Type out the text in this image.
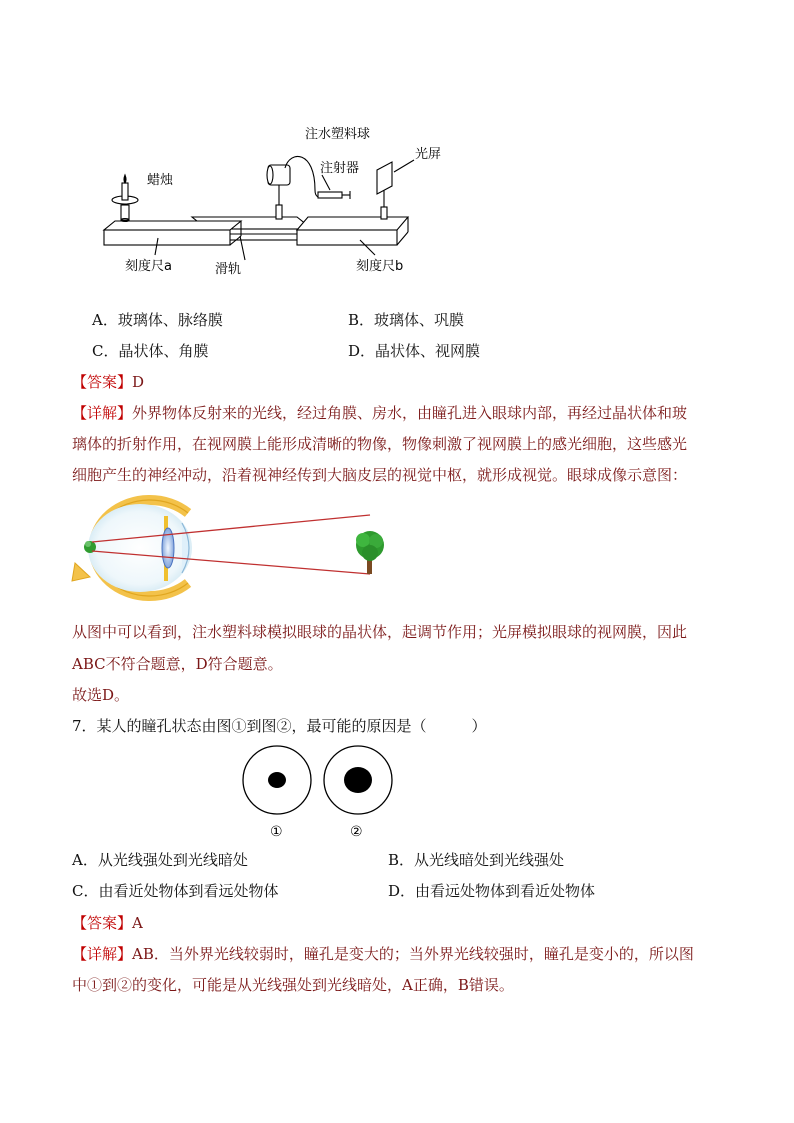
注水塑料球
注射器
光屏
蜡烛
刻度尺a	滑轨	刻度尺b
A．玻璃体、脉络膜	B．玻璃体、巩膜
C．晶状体、角膜	D．晶状体、视网膜
【答案】D
【详解】外界物体反射来的光线，经过角膜、房水，由瞳孔进入眼球内部，再经过晶状体和玻
璃体的折射作用，在视网膜上能形成清晰的物像，物像刺激了视网膜上的感光细胞，这些感光
细胞产生的神经冲动，沿着视神经传到大脑皮层的视觉中枢，就形成视觉。眼球成像示意图：
从图中可以看到，注水塑料球模拟眼球的晶状体，起调节作用；光屏模拟眼球的视网膜，因此
ABC不符合题意，D符合题意。
故选D。
7．某人的瞳孔状态由图①到图②，最可能的原因是（　　　）
①	②
A．从光线强处到光线暗处	B．从光线暗处到光线强处
C．由看近处物体到看远处物体	D．由看远处物体到看近处物体
【答案】A
【详解】AB．当外界光线较弱时，瞳孔是变大的；当外界光线较强时，瞳孔是变小的，所以图
中①到②的变化，可能是从光线强处到光线暗处，A正确，B错误。
